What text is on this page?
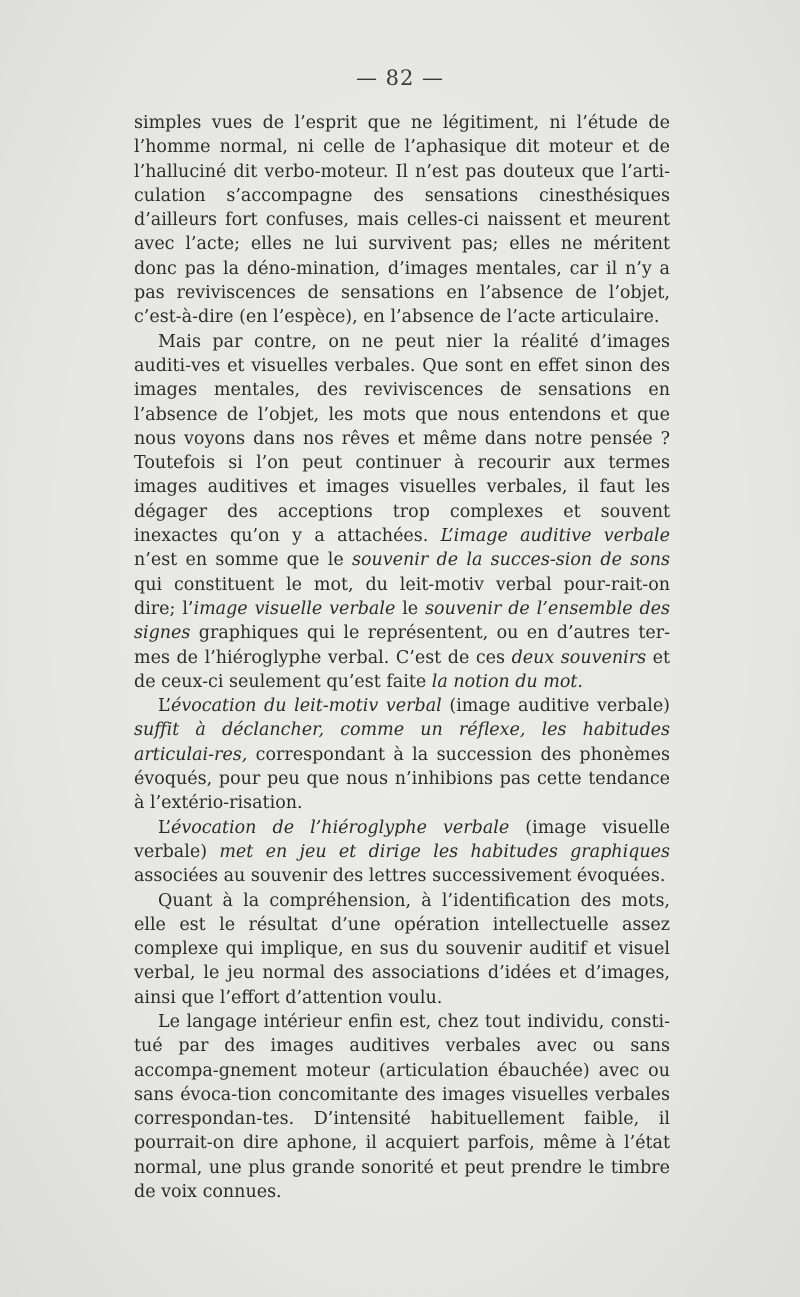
— 82 —

simples vues de l’esprit que ne légitiment, ni l’étude de l’homme normal, ni celle de l’aphasique dit moteur et de l’halluciné dit verbo-moteur. Il n’est pas douteux que l’arti-culation s’accompagne des sensations cinesthésiques d’ailleurs fort confuses, mais celles-ci naissent et meurent avec l’acte; elles ne lui survivent pas; elles ne méritent donc pas la déno-mination, d’images mentales, car il n’y a pas reviviscences de sensations en l’absence de l’objet, c’est-à-dire (en l’espèce), en l’absence de l’acte articulaire.

Mais par contre, on ne peut nier la réalité d’images auditi-ves et visuelles verbales. Que sont en effet sinon des images mentales, des reviviscences de sensations en l’absence de l’objet, les mots que nous entendons et que nous voyons dans nos rêves et même dans notre pensée ? Toutefois si l’on peut continuer à recourir aux termes images auditives et images visuelles verbales, il faut les dégager des acceptions trop complexes et souvent inexactes qu’on y a attachées. L’image auditive verbale n’est en somme que le souvenir de la succes-sion de sons qui constituent le mot, du leit-motiv verbal pour-rait-on dire; l’image visuelle verbale le souvenir de l’ensemble des signes graphiques qui le représentent, ou en d’autres ter-mes de l’hiéroglyphe verbal. C’est de ces deux souvenirs et de ceux-ci seulement qu’est faite la notion du mot.

L’évocation du leit-motiv verbal (image auditive verbale) suffit à déclancher, comme un réflexe, les habitudes articulai-res, correspondant à la succession des phonèmes évoqués, pour peu que nous n’inhibions pas cette tendance à l’extério-risation.

L’évocation de l’hiéroglyphe verbale (image visuelle verbale) met en jeu et dirige les habitudes graphiques associées au souvenir des lettres successivement évoquées.

Quant à la compréhension, à l’identification des mots, elle est le résultat d’une opération intellectuelle assez complexe qui implique, en sus du souvenir auditif et visuel verbal, le jeu normal des associations d’idées et d’images, ainsi que l’effort d’attention voulu.

Le langage intérieur enfin est, chez tout individu, consti-tué par des images auditives verbales avec ou sans accompa-gnement moteur (articulation ébauchée) avec ou sans évoca-tion concomitante des images visuelles verbales correspondan-tes. D’intensité habituellement faible, il pourrait-on dire aphone, il acquiert parfois, même à l’état normal, une plus grande sonorité et peut prendre le timbre de voix connues.
